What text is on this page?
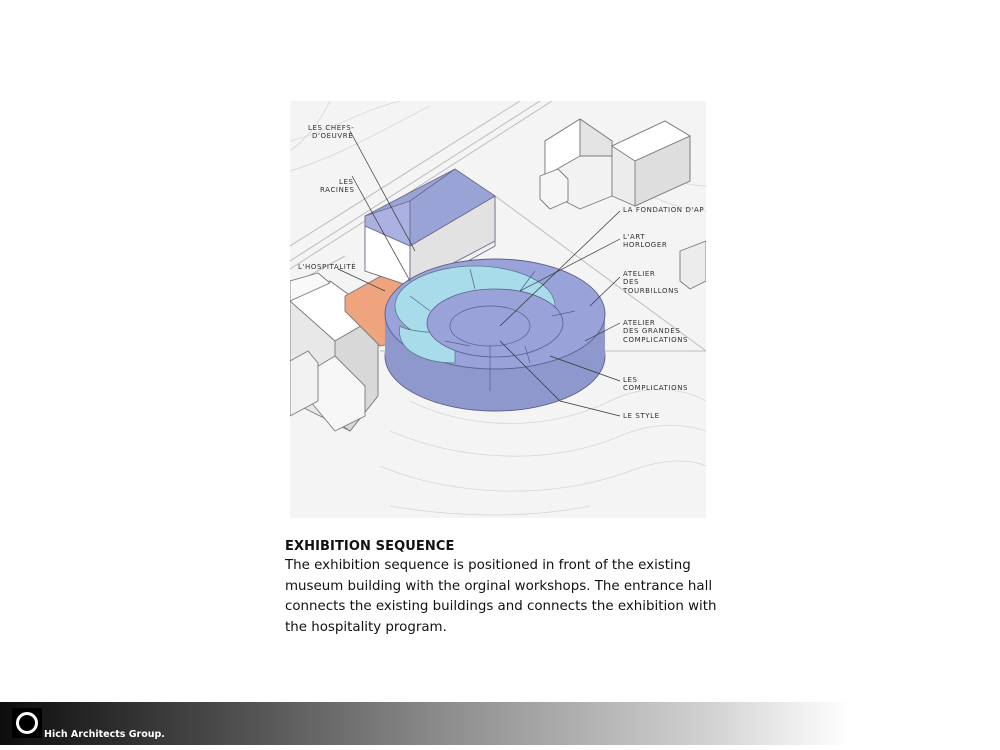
LES CHEFS-
D'OEUVRE
LES
RACINES
L'HOSPITALITÉ
LA FONDATION D'AP
L'ART
HORLOGER
ATELIER
DES
TOURBILLONS
ATELIER
DES GRANDES
COMPLICATIONS
LES
COMPLICATIONS
LE STYLE
EXHIBITION SEQUENCE
The exhibition sequence is positioned in front of the existing museum building with the orginal workshops. The entrance hall connects the existing buildings and connects the exhibition with the hospitality program.
Hich Architects Group.
